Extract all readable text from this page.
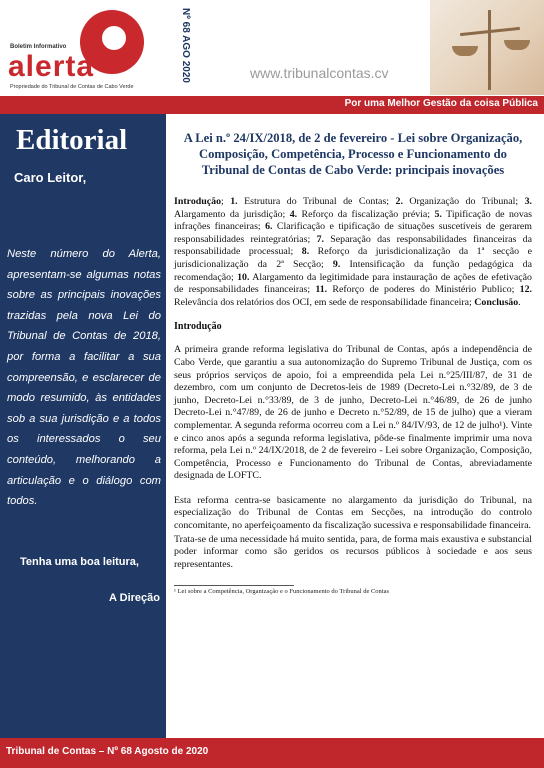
Boletim Informativo
alerta
Propriedade do Tribunal de Contas de Cabo Verde
Nº 68 AGO 2020	www.tribunalcontas.cv
Por uma Melhor Gestão da coisa Pública
Editorial
Caro Leitor,
Neste número do Alerta, apresentam-se algumas notas sobre as principais inovações trazidas pela nova Lei do Tribunal de Contas de 2018, por forma a facilitar a sua compreensão, e esclarecer de modo resumido, às entidades sob a sua jurisdição e a todos os interessados o seu conteúdo, melhorando a articulação e o diálogo com todos.
Tenha uma boa leitura,
A Direção
A Lei n.º 24/IX/2018, de 2 de fevereiro - Lei sobre Organização, Composição, Competência, Processo e Funcionamento do Tribunal de Contas de Cabo Verde: principais inovações
Introdução; 1. Estrutura do Tribunal de Contas; 2. Organização do Tribunal; 3. Alargamento da jurisdição; 4. Reforço da fiscalização prévia; 5. Tipificação de novas infrações financeiras; 6. Clarificação e tipificação de situações suscetíveis de gerarem responsabilidades reintegratórias; 7. Separação das responsabilidades financeiras da responsabilidade processual; 8. Reforço da jurisdicionalização da 1ª secção e jurisdicionalização da 2ª Secção; 9. Intensificação da função pedagógica da recomendação; 10. Alargamento da legitimidade para instauração de ações de efetivação de responsabilidades financeiras; 11. Reforço de poderes do Ministério Publico; 12. Relevância dos relatórios dos OCI, em sede de responsabilidade financeira; Conclusão.
Introdução
A primeira grande reforma legislativa do Tribunal de Contas, após a independência de Cabo Verde, que garantiu a sua autonomização do Supremo Tribunal de Justiça, com os seus próprios serviços de apoio, foi a empreendida pela Lei n.°25/III/87, de 31 de dezembro, com um conjunto de Decretos-leis de 1989 (Decreto-Lei n.°32/89, de 3 de junho, Decreto-Lei n.°33/89, de 3 de junho, Decreto-Lei n.°46/89, de 26 de junho Decreto-Lei n.°47/89, de 26 de junho e Decreto n.°52/89, de 15 de julho) que a vieram complementar. A segunda reforma ocorreu com a Lei n.º 84/IV/93, de 12 de julho¹). Vinte e cinco anos após a segunda reforma legislativa, pôde-se finalmente imprimir uma nova reforma, pela Lei n.º 24/IX/2018, de 2 de fevereiro - Lei sobre Organização, Composição, Competência, Processo e Funcionamento do Tribunal de Contas, abreviadamente designada de LOFTC.
Esta reforma centra-se basicamente no alargamento da jurisdição do Tribunal, na especialização do Tribunal de Contas em Secções, na introdução do controlo concomitante, no aperfeiçoamento da fiscalização sucessiva e responsabilidade financeira.
Trata-se de uma necessidade há muito sentida, para, de forma mais exaustiva e substancial poder informar como são geridos os recursos públicos à sociedade e aos seus representantes.
¹ Lei sobre a Competência, Organização e o Funcionamento do Tribunal de Contas
Tribunal de Contas – Nº 68 Agosto de 2020
